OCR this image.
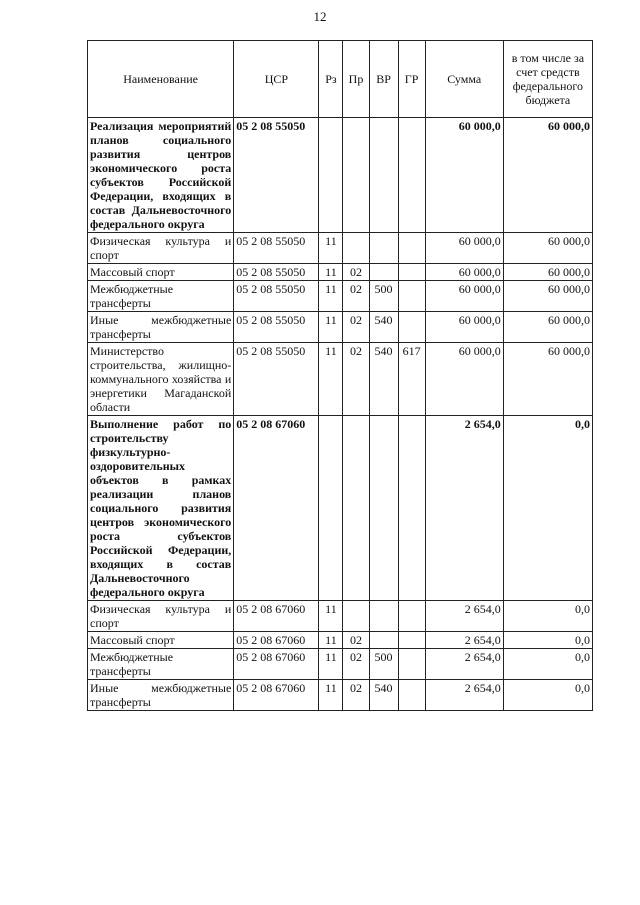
12
Наименование	ЦСР	Рз	Пр	ВР	ГР	Сумма	в том числе за счет средств федерального бюджета
Реализация мероприятий планов социального развития центров экономического роста субъектов Российской Федерации, входящих в состав Дальневосточного федерального округа	05 2 08 55050					60 000,0	60 000,0
Физическая культура и спорт	05 2 08 55050	11				60 000,0	60 000,0
Массовый спорт	05 2 08 55050	11	02			60 000,0	60 000,0
Межбюджетные трансферты	05 2 08 55050	11	02	500		60 000,0	60 000,0
Иные межбюджетные трансферты	05 2 08 55050	11	02	540		60 000,0	60 000,0
Министерство строительства, жилищно-коммунального хозяйства и энергетики Магаданской области	05 2 08 55050	11	02	540	617	60 000,0	60 000,0
Выполнение работ по строительству физкультурно-оздоровительных объектов в рамках реализации планов социального развития центров экономического роста субъектов Российской Федерации, входящих в состав Дальневосточного федерального округа	05 2 08 67060					2 654,0	0,0
Физическая культура и спорт	05 2 08 67060	11				2 654,0	0,0
Массовый спорт	05 2 08 67060	11	02			2 654,0	0,0
Межбюджетные трансферты	05 2 08 67060	11	02	500		2 654,0	0,0
Иные межбюджетные трансферты	05 2 08 67060	11	02	540		2 654,0	0,0
